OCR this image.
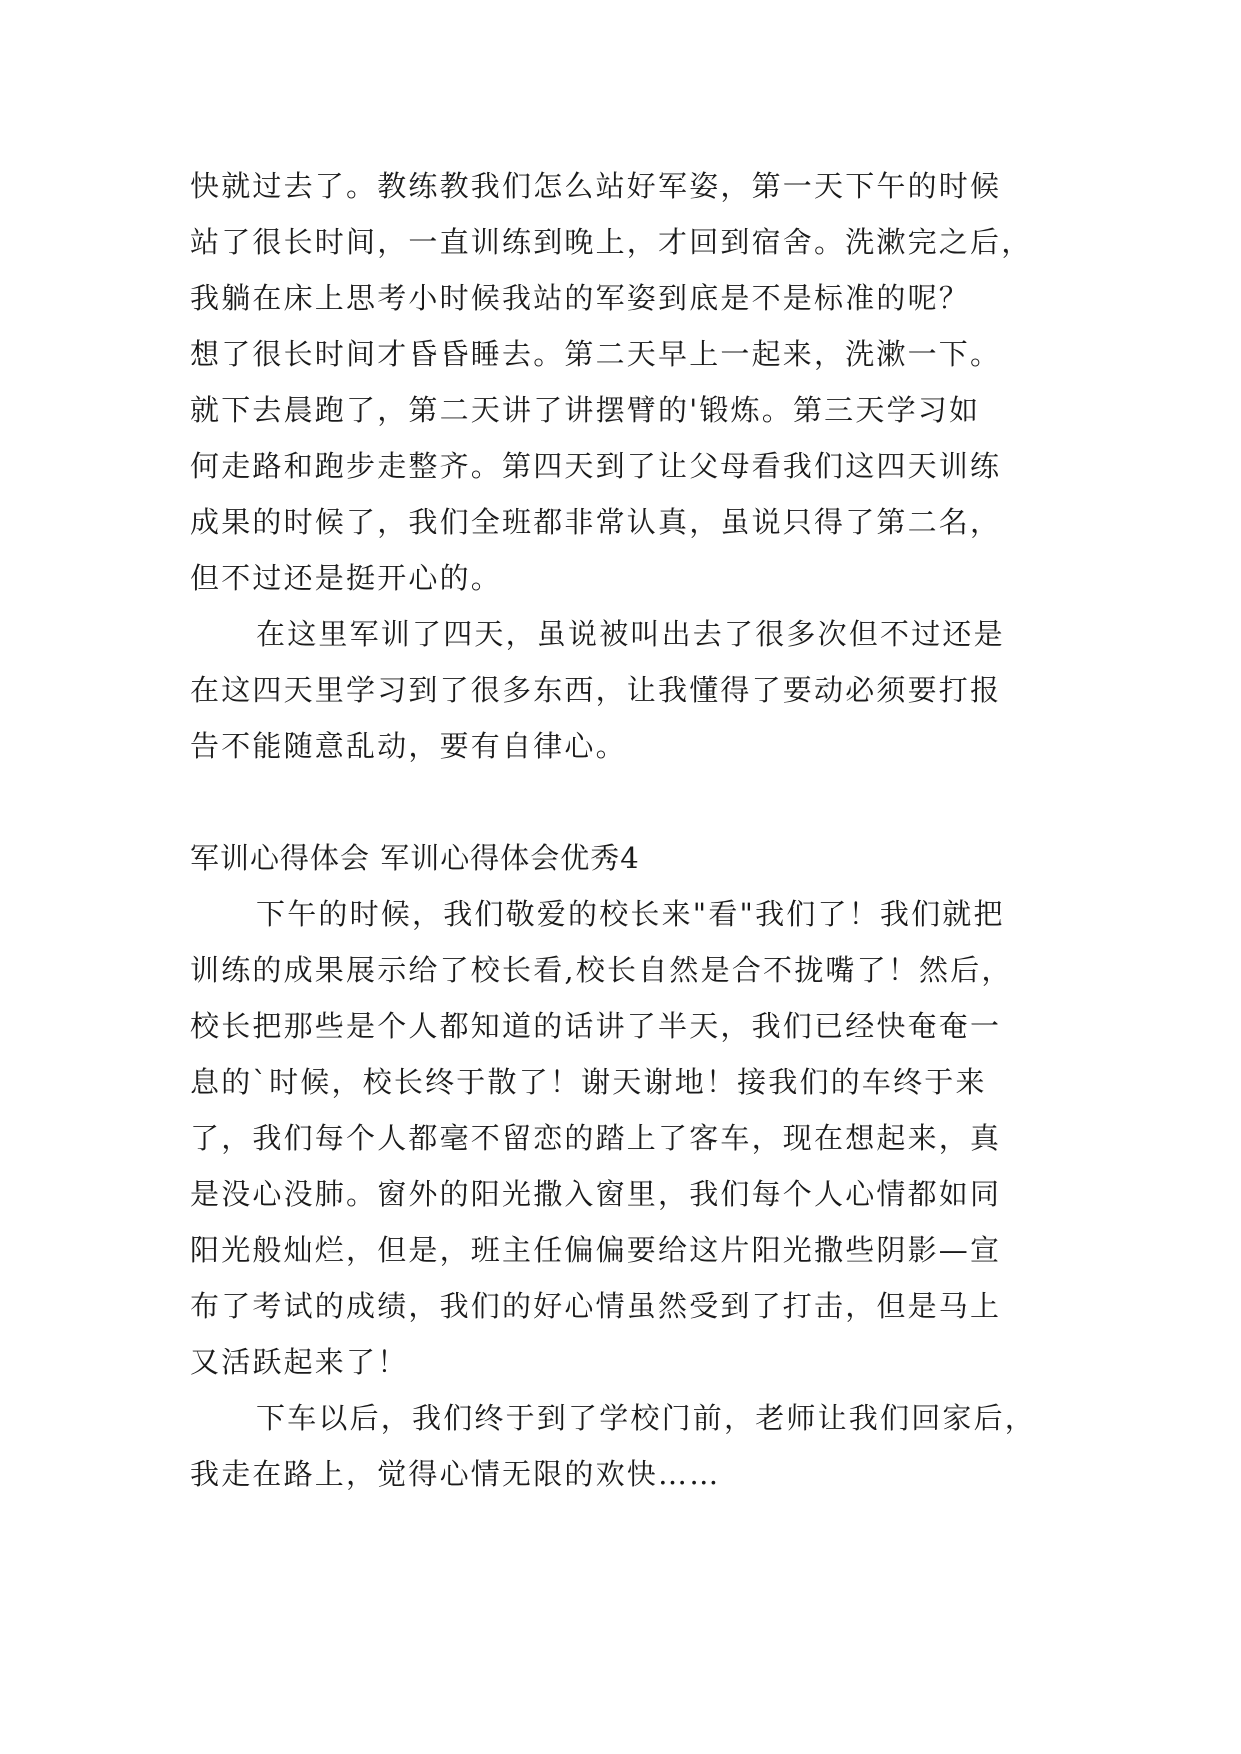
快就过去了。教练教我们怎么站好军姿，第一天下午的时候
站了很长时间，一直训练到晚上，才回到宿舍。洗漱完之后，
我躺在床上思考小时候我站的军姿到底是不是标准的呢？
想了很长时间才昏昏睡去。第二天早上一起来，洗漱一下。
就下去晨跑了，第二天讲了讲摆臂的'锻炼。第三天学习如
何走路和跑步走整齐。第四天到了让父母看我们这四天训练
成果的时候了，我们全班都非常认真，虽说只得了第二名，
但不过还是挺开心的。

在这里军训了四天，虽说被叫出去了很多次但不过还是
在这四天里学习到了很多东西，让我懂得了要动必须要打报
告不能随意乱动，要有自律心。

军训心得体会 军训心得体会优秀4

下午的时候，我们敬爱的校长来"看"我们了！我们就把
训练的成果展示给了校长看,校长自然是合不拢嘴了！然后，
校长把那些是个人都知道的话讲了半天，我们已经快奄奄一
息的`时候，校长终于散了！谢天谢地！接我们的车终于来
了，我们每个人都毫不留恋的踏上了客车，现在想起来，真
是没心没肺。窗外的阳光撒入窗里，我们每个人心情都如同
阳光般灿烂，但是，班主任偏偏要给这片阳光撒些阴影—宣
布了考试的成绩，我们的好心情虽然受到了打击，但是马上
又活跃起来了！

下车以后，我们终于到了学校门前，老师让我们回家后，
我走在路上，觉得心情无限的欢快……
